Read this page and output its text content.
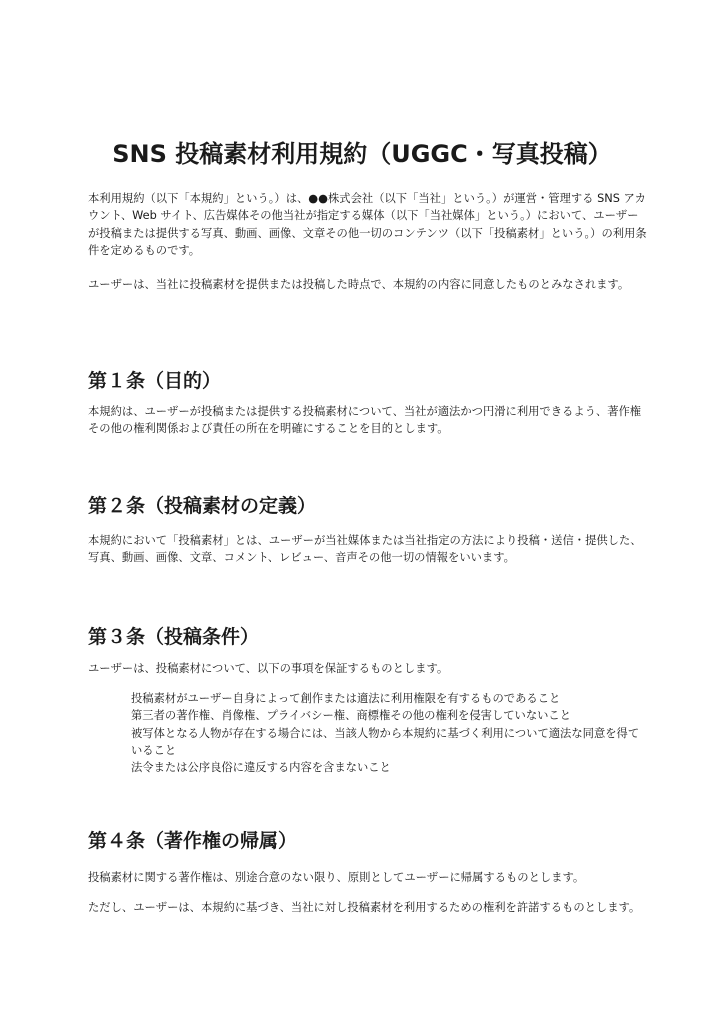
SNS 投稿素材利用規約（UGGC・写真投稿）

本利用規約（以下「本規約」という。）は、●●株式会社（以下「当社」という。）が運営・管理する SNS アカウント、Web サイト、広告媒体その他当社が指定する媒体（以下「当社媒体」という。）において、ユーザーが投稿または提供する写真、動画、画像、文章その他一切のコンテンツ（以下「投稿素材」という。）の利用条件を定めるものです。

ユーザーは、当社に投稿素材を提供または投稿した時点で、本規約の内容に同意したものとみなされます。

第１条（目的）

本規約は、ユーザーが投稿または提供する投稿素材について、当社が適法かつ円滑に利用できるよう、著作権その他の権利関係および責任の所在を明確にすることを目的とします。

第２条（投稿素材の定義）

本規約において「投稿素材」とは、ユーザーが当社媒体または当社指定の方法により投稿・送信・提供した、写真、動画、画像、文章、コメント、レビュー、音声その他一切の情報をいいます。

第３条（投稿条件）

ユーザーは、投稿素材について、以下の事項を保証するものとします。

投稿素材がユーザー自身によって創作または適法に利用権限を有するものであること
第三者の著作権、肖像権、プライバシー権、商標権その他の権利を侵害していないこと
被写体となる人物が存在する場合には、当該人物から本規約に基づく利用について適法な同意を得ていること
法令または公序良俗に違反する内容を含まないこと
第４条（著作権の帰属）

投稿素材に関する著作権は、別途合意のない限り、原則としてユーザーに帰属するものとします。

ただし、ユーザーは、本規約に基づき、当社に対し投稿素材を利用するための権利を許諾するものとします。
